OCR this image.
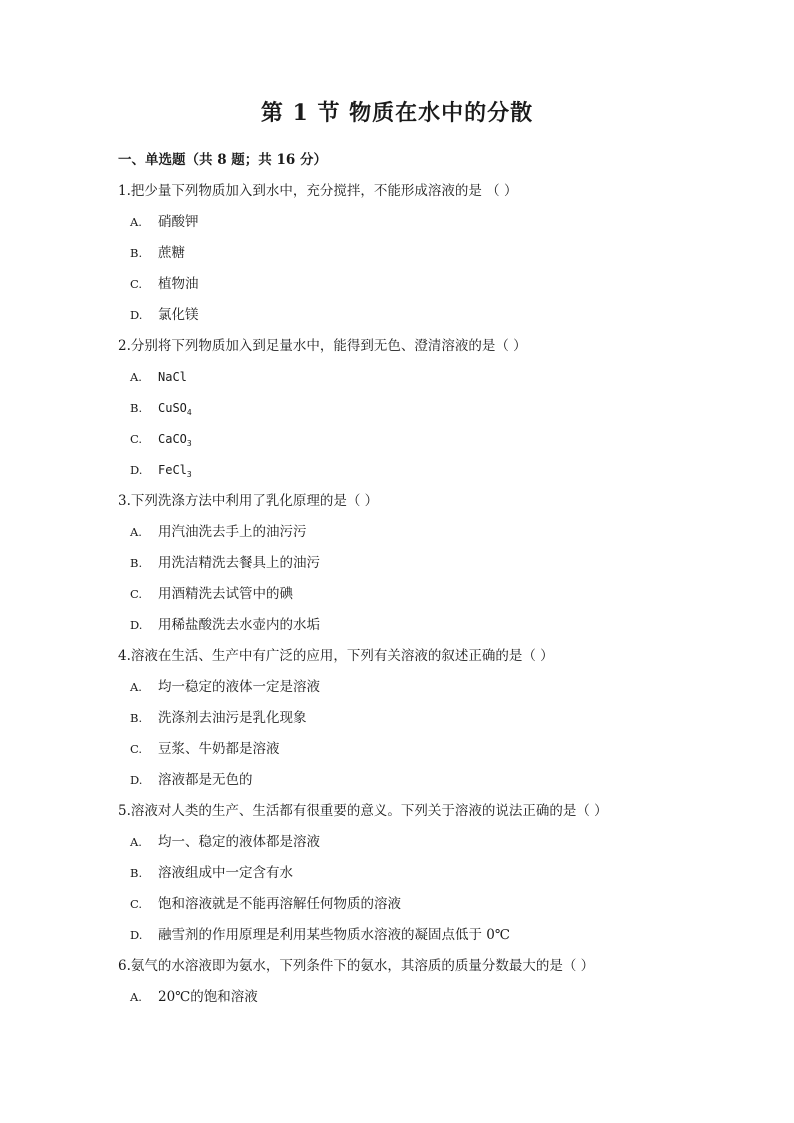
第 1 节 物质在水中的分散
一、单选题（共 8 题；共 16 分）
1.把少量下列物质加入到水中，充分搅拌，不能形成溶液的是 （ ）
A.	硝酸钾
B.	蔗糖
C.	植物油
D.	氯化镁
2.分别将下列物质加入到足量水中，能得到无色、澄清溶液的是（ ）
A.	NaCl
B.	CuSO$_4$
C.	CaCO$_3$
D.	FeCl$_3$
3.下列洗涤方法中利用了乳化原理的是（ ）
A.	用汽油洗去手上的油污污
B.	用洗洁精洗去餐具上的油污
C.	用酒精洗去试管中的碘
D.	用稀盐酸洗去水壶内的水垢
4.溶液在生活、生产中有广泛的应用，下列有关溶液的叙述正确的是（ ）
A.	均一稳定的液体一定是溶液
B.	洗涤剂去油污是乳化现象
C.	豆浆、牛奶都是溶液
D.	溶液都是无色的
5.溶液对人类的生产、生活都有很重要的意义。下列关于溶液的说法正确的是（ ）
A.	均一、稳定的液体都是溶液
B.	溶液组成中一定含有水
C.	饱和溶液就是不能再溶解任何物质的溶液
D.	融雪剂的作用原理是利用某些物质水溶液的凝固点低于 0℃
6.氨气的水溶液即为氨水，下列条件下的氨水，其溶质的质量分数最大的是（ ）
A.	20℃的饱和溶液
